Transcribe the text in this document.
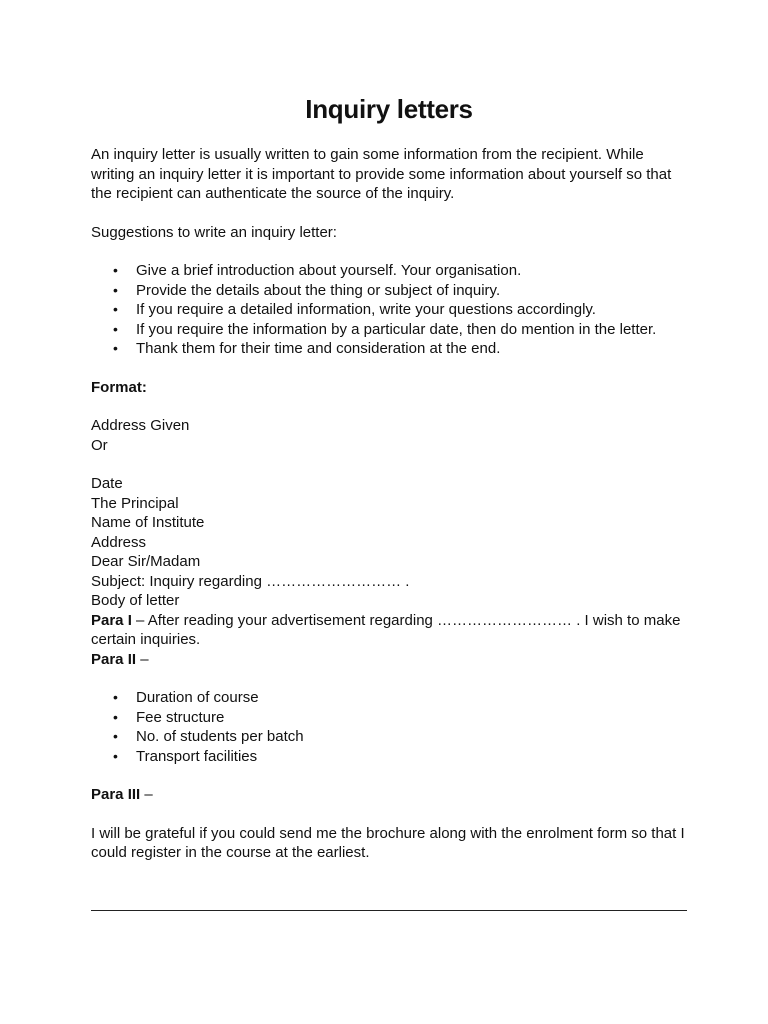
Inquiry letters

An inquiry letter is usually written to gain some information from the recipient. While writing an inquiry letter it is important to provide some information about yourself so that the recipient can authenticate the source of the inquiry.

Suggestions to write an inquiry letter:

• Give a brief introduction about yourself. Your organisation.
• Provide the details about the thing or subject of inquiry.
• If you require a detailed information, write your questions accordingly.
• If you require the information by a particular date, then do mention in the letter.
• Thank them for their time and consideration at the end.

Format:

Address Given

Or

Date

The Principal

Name of Institute

Address

Dear Sir/Madam

Subject: Inquiry regarding ……………………… .

Body of letter

Para I – After reading your advertisement regarding ……………………… . I wish to make certain inquiries.

Para II –

• Duration of course
• Fee structure
• No. of students per batch
• Transport facilities

Para III –

I will be grateful if you could send me the brochure along with the enrolment form so that I could register in the course at the earliest.
